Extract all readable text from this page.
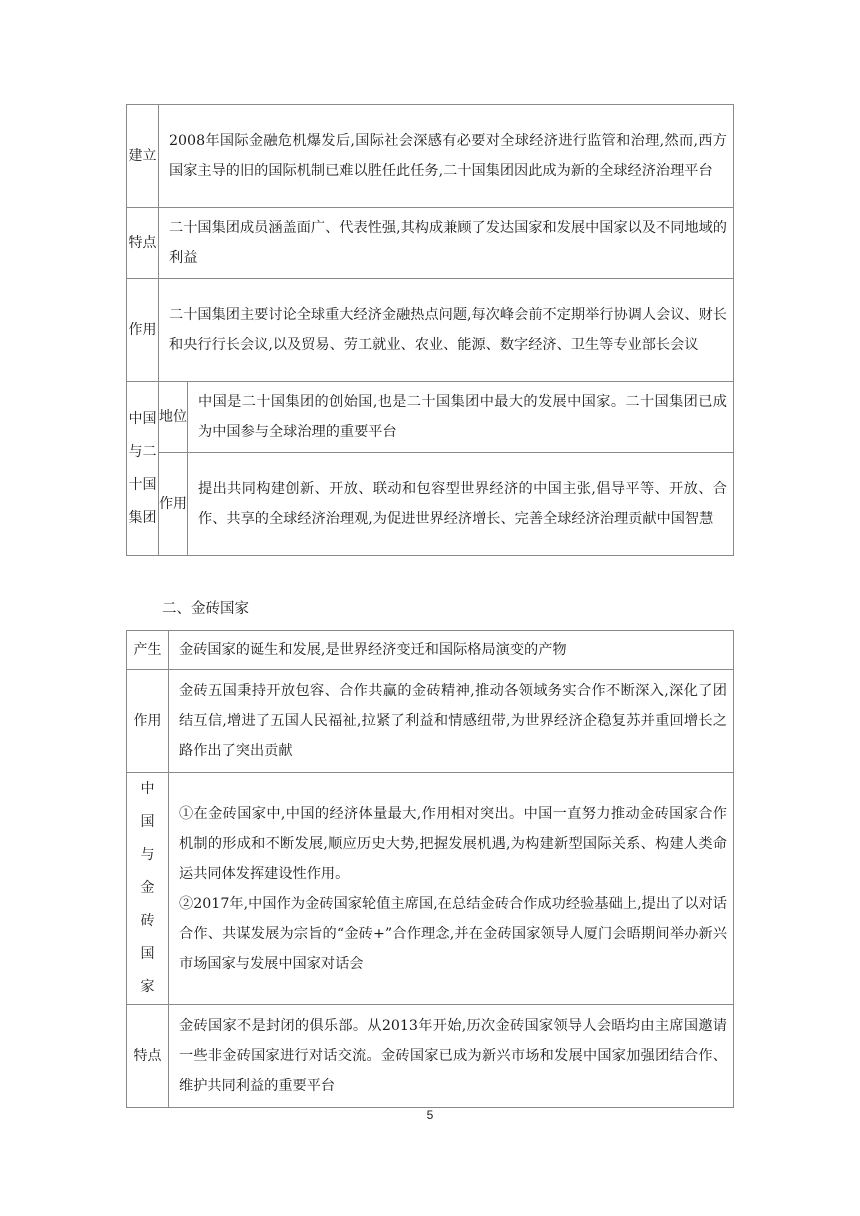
建立	2008年国际金融危机爆发后,国际社会深感有必要对全球经济进行监管和治理,然而,西方国家主导的旧的国际机制已难以胜任此任务,二十国集团因此成为新的全球经济治理平台	
特点	二十国集团成员涵盖面广、代表性强,其构成兼顾了发达国家和发展中国家以及不同地域的利益	
作用	二十国集团主要讨论全球重大经济金融热点问题,每次峰会前不定期举行协调人会议、财长和央行行长会议,以及贸易、劳工就业、农业、能源、数字经济、卫生等专业部长会议	
中国与二十国集团	地位	中国是二十国集团的创始国,也是二十国集团中最大的发展中国家。二十国集团已成为中国参与全球治理的重要平台
	作用	提出共同构建创新、开放、联动和包容型世界经济的中国主张,倡导平等、开放、合作、共享的全球经济治理观,为促进世界经济增长、完善全球经济治理贡献中国智慧
二、金砖国家
产生	金砖国家的诞生和发展,是世界经济变迁和国际格局演变的产物
作用	金砖五国秉持开放包容、合作共赢的金砖精神,推动各领域务实合作不断深入,深化了团结互信,增进了五国人民福祉,拉紧了利益和情感纽带,为世界经济企稳复苏并重回增长之路作出了突出贡献
中国与金砖国家	①在金砖国家中,中国的经济体量最大,作用相对突出。中国一直努力推动金砖国家合作机制的形成和不断发展,顺应历史大势,把握发展机遇,为构建新型国际关系、构建人类命运共同体发挥建设性作用。

②2017年,中国作为金砖国家轮值主席国,在总结金砖合作成功经验基础上,提出了以对话合作、共谋发展为宗旨的“金砖+”合作理念,并在金砖国家领导人厦门会晤期间举办新兴市场国家与发展中国家对话会

特点	金砖国家不是封闭的俱乐部。从2013年开始,历次金砖国家领导人会晤均由主席国邀请一些非金砖国家进行对话交流。金砖国家已成为新兴市场和发展中国家加强团结合作、维护共同利益的重要平台
5
